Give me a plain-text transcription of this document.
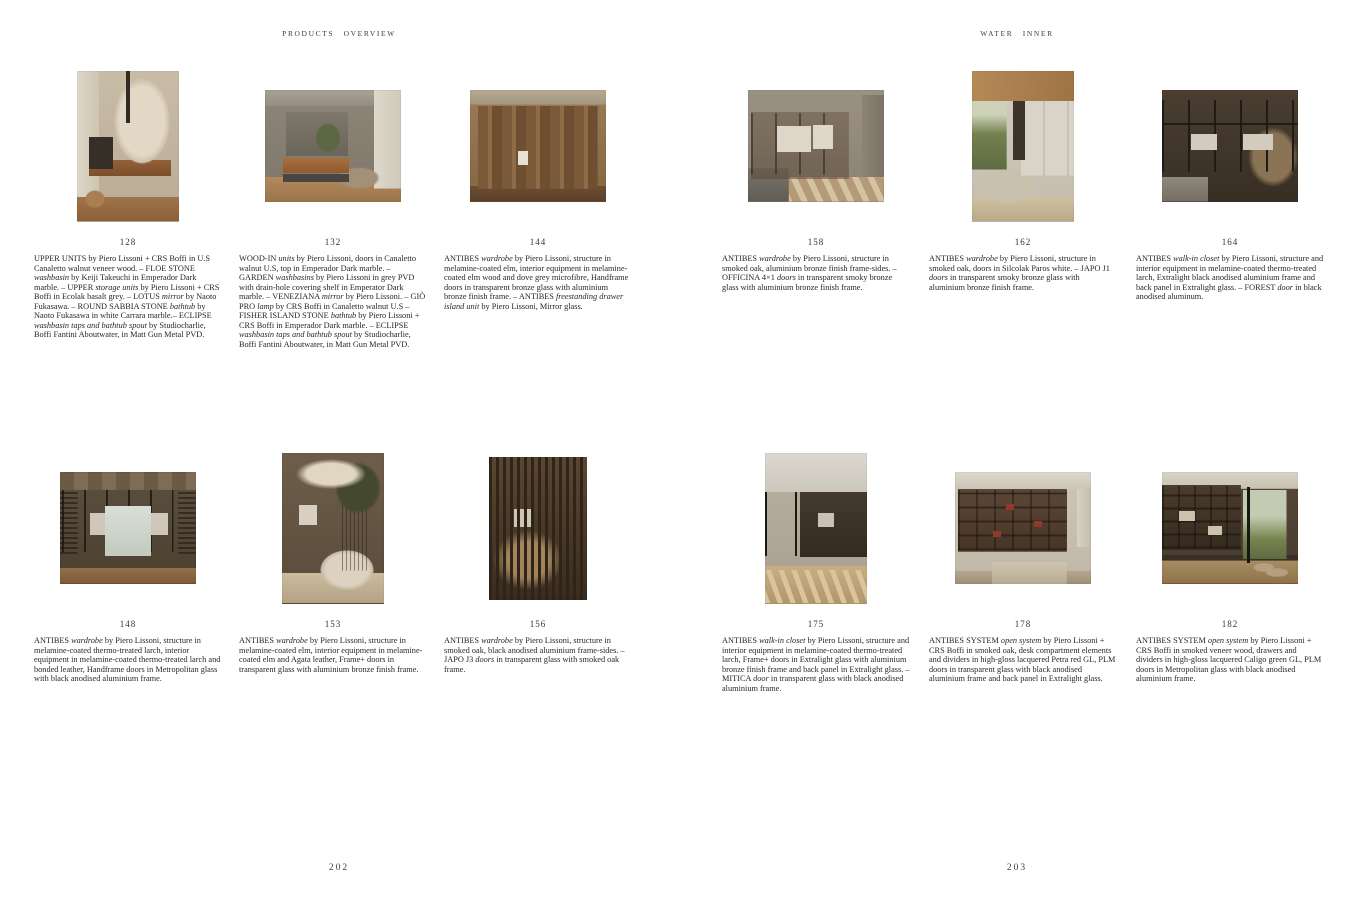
PRODUCTS OVERVIEW
128

UPPER UNITS by Piero Lissoni + CRS Boffi in U.S Canaletto walnut veneer wood. – FLOE STONE washbasin by Keiji Takeuchi in Emperador Dark marble. – UPPER storage units by Piero Lissoni + CRS Boffi in Ecolak basalt grey. – LOTUS mirror by Naoto Fukasawa. – ROUND SABBIA STONE bathtub by Naoto Fukasawa in white Carrara marble.– ECLIPSE washbasin taps and bathtub spout by Studiocharlie, Boffi Fantini Aboutwater, in Matt Gun Metal PVD.

132

WOOD-IN units by Piero Lissoni, doors in Canaletto walnut U.S, top in Emperador Dark marble. – GARDEN washbasins by Piero Lissoni in grey PVD with drain-hole covering shelf in Emperator Dark marble. – VENEZIANA mirror by Piero Lissoni. – GIÒ PRO lamp by CRS Boffi in Canaletto walnut U.S – FISHER ISLAND STONE bathtub by Piero Lissoni + CRS Boffi in Emperador Dark marble. – ECLIPSE washbasin taps and bathtub spout by Studiocharlie, Boffi Fantini Aboutwater, in Matt Gun Metal PVD.

144

ANTIBES wardrobe by Piero Lissoni, structure in melamine-coated elm, interior equipment in melamine-coated elm wood and dove grey microfibre, Handframe doors in transparent bronze glass with aluminium bronze finish frame. – ANTIBES freestanding drawer island unit by Piero Lissoni, Mirror glass.

148

ANTIBES wardrobe by Piero Lissoni, structure in melamine-coated thermo-treated larch, interior equipment in melamine-coated thermo-treated larch and bonded leather, Handframe doors in Metropolitan glass with black anodised aluminium frame.

153

ANTIBES wardrobe by Piero Lissoni, structure in melamine-coated elm, interior equipment in melamine-coated elm and Agata leather, Frame+ doors in transparent glass with aluminium bronze finish frame.

156

ANTIBES wardrobe by Piero Lissoni, structure in smoked oak, black anodised aluminium frame-sides. – JAPO J3 doors in transparent glass with smoked oak frame.

202
WATER INNER
158

ANTIBES wardrobe by Piero Lissoni, structure in smoked oak, aluminium bronze finish frame-sides. – OFFICINA 4×1 doors in transparent smoky bronze glass with aluminium bronze finish frame.

162

ANTIBES wardrobe by Piero Lissoni, structure in smoked oak, doors in Silcolak Paros white. – JAPO J1 doors in transparent smoky bronze glass with aluminium bronze finish frame.

164

ANTIBES walk-in closet by Piero Lissoni, structure and interior equipment in melamine-coated thermo-treated larch, Extralight black anodised aluminium frame and back panel in Extralight glass. – FOREST door in black anodised aluminum.

175

ANTIBES walk-in closet by Piero Lissoni, structure and interior equipment in melamine-coated thermo-treated larch, Frame+ doors in Extralight glass with aluminium bronze finish frame and back panel in Extralight glass. – MITICA door in transparent glass with black anodised aluminium frame.

178

ANTIBES SYSTEM open system by Piero Lissoni + CRS Boffi in smoked oak, desk compartment elements and dividers in high-gloss lacquered Petra red GL, PLM doors in transparent glass with black anodised aluminium frame and back panel in Extralight glass.

182

ANTIBES SYSTEM open system by Piero Lissoni + CRS Boffi in smoked veneer wood, drawers and dividers in high-gloss lacquered Caligo green GL, PLM doors in Metropolitan glass with black anodised aluminium frame.

203
